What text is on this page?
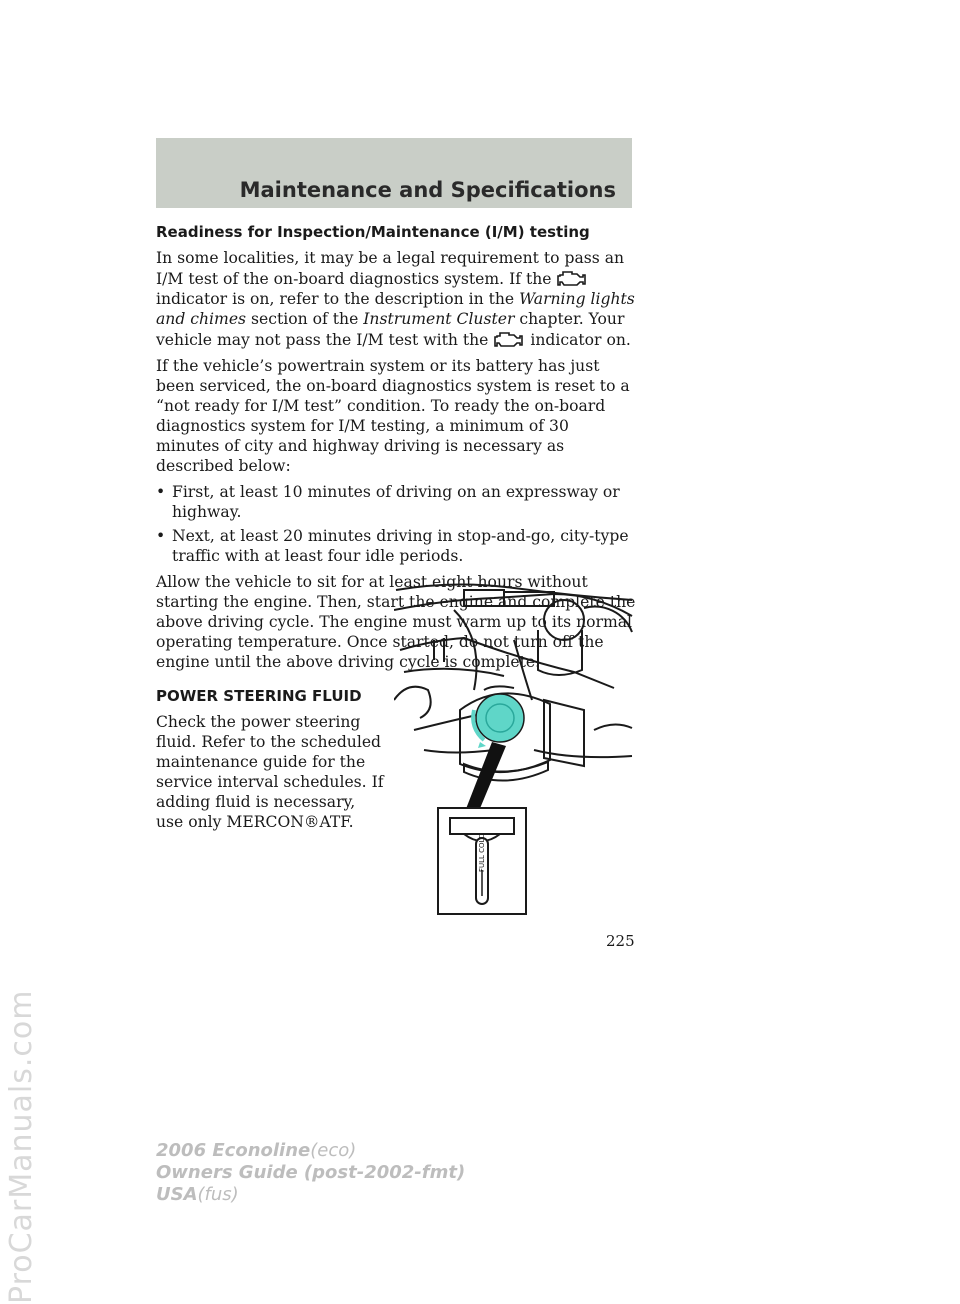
Maintenance and Specifications
ProCarManuals.com
Readiness for Inspection/Maintenance (I/M) testing

In some localities, it may be a legal requirement to pass an I/M test of the on-board diagnostics system. If the  indicator is on, refer to the description in the Warning lights and chimes section of the Instrument Cluster chapter. Your vehicle may not pass the I/M test with the	indicator on.

If the vehicle’s powertrain system or its battery has just been serviced, the on-board diagnostics system is reset to a “not ready for I/M test” condition. To ready the on-board diagnostics system for I/M testing, a minimum of 30 minutes of city and highway driving is necessary as described below:

• First, at least 10 minutes of driving on an expressway or highway.
• Next, at least 20 minutes driving in stop-and-go, city-type traffic with at least four idle periods.

Allow the vehicle to sit for at least eight hours without starting the engine. Then, start the engine and complete the above driving cycle. The engine must warm up to its normal operating temperature. Once started, do not turn off the engine until the above driving cycle is complete.

POWER STEERING FLUID

Check the power steering fluid. Refer to the scheduled maintenance guide for the service interval schedules. If adding fluid is necessary, use only MERCON®ATF.

FULL COLD
225
2006 Econoline(eco)
Owners Guide (post-2002-fmt)
USA(fus)
